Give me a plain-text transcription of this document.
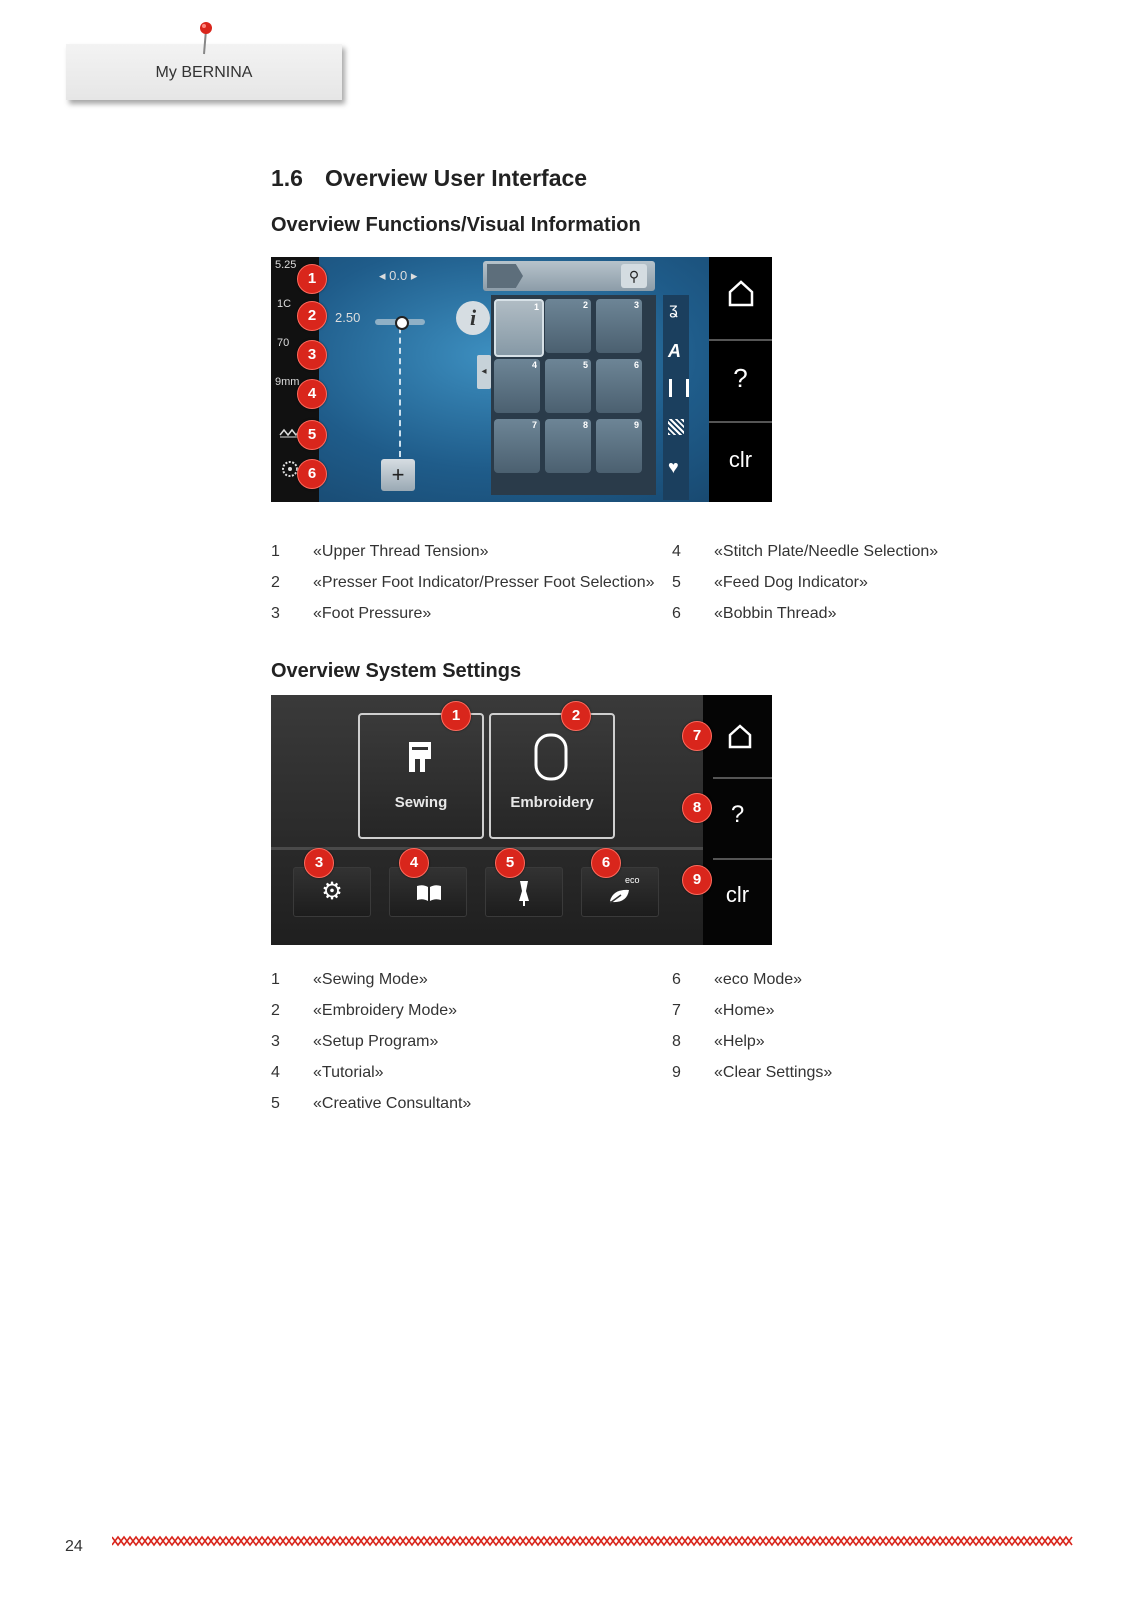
My BERNINA
1.6 Overview User Interface
Overview Functions/Visual Information
5.25
1C
70
9mm
◂ 0.0 ▸
2.50	i
+
◂
⚲
1	2	3
4	5	6
7	8	9
ʓ
A
♥
?
clr
1
2
3
4
5
6
1	«Upper Thread Tension»
2	«Presser Foot Indicator/Presser Foot Selection»
3	«Foot Pressure»
4	«Stitch Plate/Needle Selection»
5	«Feed Dog Indicator»
6	«Bobbin Thread»
Overview System Settings
Sewing	Embroidery
⚙	eco
?
clr
1	2
3	4	5	6
7
8
9
1	«Sewing Mode»
2	«Embroidery Mode»
3	«Setup Program»
4	«Tutorial»
5	«Creative Consultant»
6	«eco Mode»
7	«Home»
8	«Help»
9	«Clear Settings»
24
